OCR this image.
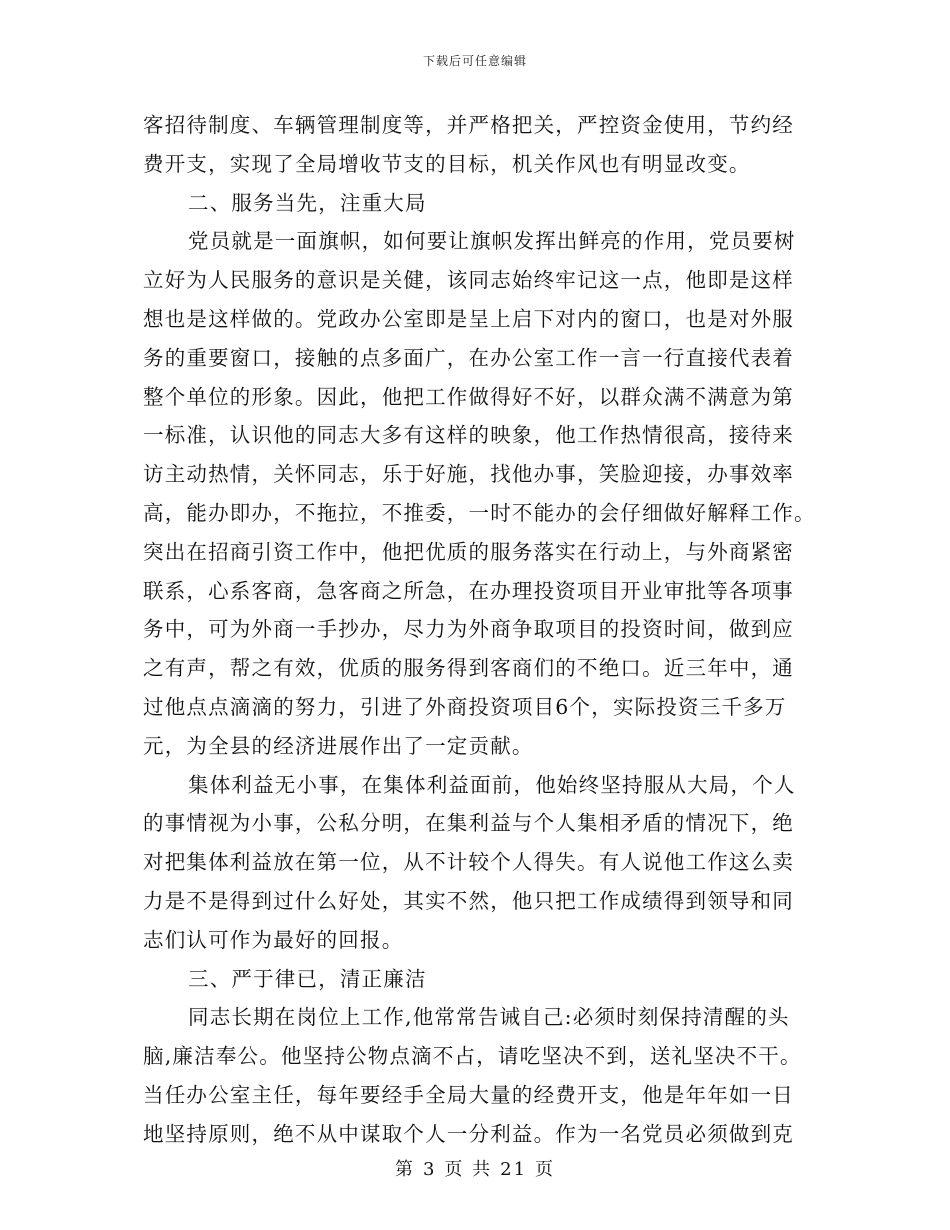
下载后可任意编辑
客招待制度、车辆管理制度等，并严格把关，严控资金使用，节约经
费开支，实现了全局增收节支的目标，机关作风也有明显改变。
二、服务当先，注重大局
党员就是一面旗帜，如何要让旗帜发挥出鲜亮的作用，党员要树
立好为人民服务的意识是关健，该同志始终牢记这一点，他即是这样
想也是这样做的。党政办公室即是呈上启下对内的窗口，也是对外服
务的重要窗口，接触的点多面广，在办公室工作一言一行直接代表着
整个单位的形象。因此，他把工作做得好不好，以群众满不满意为第
一标准，认识他的同志大多有这样的映象，他工作热情很高，接待来
访主动热情，关怀同志，乐于好施，找他办事，笑脸迎接，办事效率
高，能办即办，不拖拉，不推委，一时不能办的会仔细做好解释工作。
突出在招商引资工作中，他把优质的服务落实在行动上，与外商紧密
联系，心系客商，急客商之所急，在办理投资项目开业审批等各项事
务中，可为外商一手抄办，尽力为外商争取项目的投资时间，做到应
之有声，帮之有效，优质的服务得到客商们的不绝口。近三年中，通
过他点点滴滴的努力，引进了外商投资项目6个，实际投资三千多万
元，为全县的经济进展作出了一定贡献。
集体利益无小事，在集体利益面前，他始终坚持服从大局，个人
的事情视为小事，公私分明，在集利益与个人集相矛盾的情况下，绝
对把集体利益放在第一位，从不计较个人得失。有人说他工作这么卖
力是不是得到过什么好处，其实不然，他只把工作成绩得到领导和同
志们认可作为最好的回报。
三、严于律已，清正廉洁
同志长期在岗位上工作,他常常告诫自己:必须时刻保持清醒的头
脑,廉洁奉公。他坚持公物点滴不占，请吃坚决不到，送礼坚决不干。
当任办公室主任，每年要经手全局大量的经费开支，他是年年如一日
地坚持原则，绝不从中谋取个人一分利益。作为一名党员必须做到克
第 3 页 共 21 页
